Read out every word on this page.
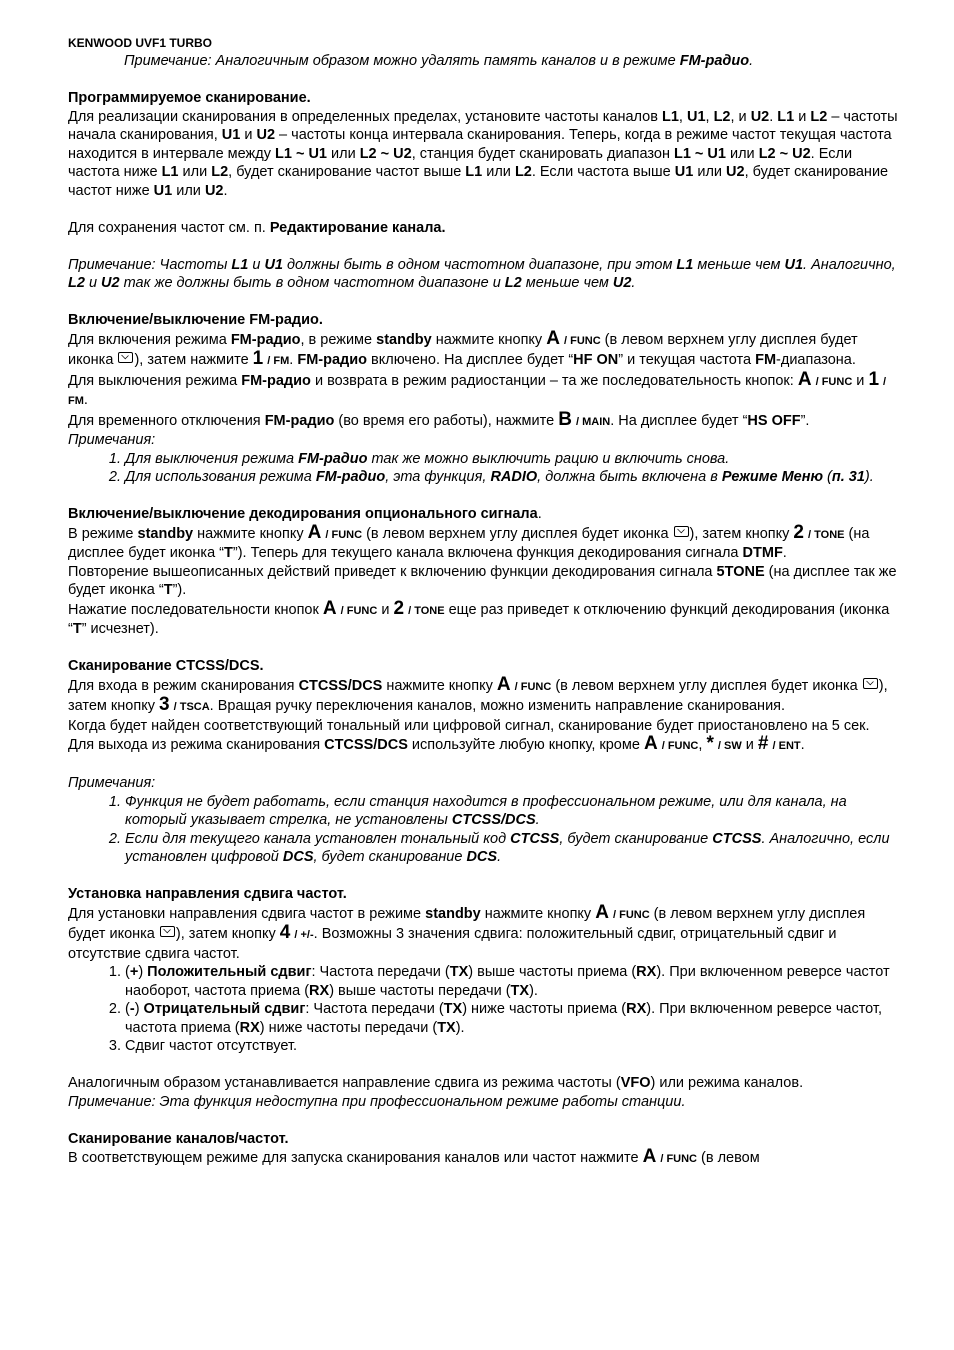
KENWOOD UVF1 TURBO

Примечание: Аналогичным образом можно удалять память каналов и в режиме FM-радио.

Программируемое сканирование.

Для реализации сканирования в определенных пределах, установите частоты каналов L1, U1, L2, и U2. L1 и L2 – частоты начала сканирования, U1 и U2 – частоты конца интервала сканирования. Теперь, когда в режиме частот текущая частота находится в интервале между L1 ~ U1 или L2 ~ U2, станция будет сканировать диапазон L1 ~ U1 или L2 ~ U2. Если частота ниже L1 или L2, будет сканирование частот выше L1 или L2. Если частота выше U1 или U2, будет сканирование частот ниже U1 или U2.

Для сохранения частот см. п. Редактирование канала.

Примечание: Частоты L1 и U1 должны быть в одном частотном диапазоне, при этом L1 меньше чем U1. Аналогично, L2 и U2 так же должны быть в одном частотном диапазоне и L2 меньше чем U2.

Включение/выключение FM-радио.

Для включения режима FM-радио, в режиме standby нажмите кнопку A / FUNC (в левом верхнем углу дисплея будет иконка ), затем нажмите 1 / FM. FM-радио включено. На дисплее будет “HF ON” и текущая частота FM-диапазона.

Для выключения режима FM-радио и возврата в режим радиостанции – та же последовательность кнопок: A / FUNC и 1 / FM.

Для временного отключения FM-радио (во время его работы), нажмите B / MAIN. На дисплее будет “HS OFF”.

Примечания:

1. Для выключения режима FM-радио так же можно выключить рацию и включить снова.
2. Для использования режима FM-радио, эта функция, RADIO, должна быть включена в Режиме Меню (п. 31).

Включение/выключение декодирования опционального сигнала.

В режиме standby нажмите кнопку A / FUNC (в левом верхнем углу дисплея будет иконка ), затем кнопку 2 / TONE (на дисплее будет иконка “T”). Теперь для текущего канала включена функция декодирования сигнала DTMF.

Повторение вышеописанных действий приведет к включению функции декодирования сигнала 5TONE (на дисплее так же будет иконка “T”).

Нажатие последовательности кнопок A / FUNC и 2 / TONE еще раз приведет к отключению функций декодирования (иконка “T” исчезнет).

Сканирование CTCSS/DCS.

Для входа в режим сканирования CTCSS/DCS нажмите кнопку A / FUNC (в левом верхнем углу дисплея будет иконка ), затем кнопку 3 / TSCA. Вращая ручку переключения каналов, можно изменить направление сканирования.

Когда будет найден соответствующий тональный или цифровой сигнал, сканирование будет приостановлено на 5 сек. Для выхода из режима сканирования CTCSS/DCS используйте любую кнопку, кроме A / FUNC, * / SW и # / ENT.

Примечания:

1. Функция не будет работать, если станция находится в профессиональном режиме, или для канала, на который указывает стрелка, не установлены CTCSS/DCS.
2. Если для текущего канала установлен тональный код CTCSS, будет сканирование CTCSS. Аналогично, если установлен цифровой DCS, будет сканирование DCS.

Установка направления сдвига частот.

Для установки направления сдвига частот в режиме standby нажмите кнопку A / FUNC (в левом верхнем углу дисплея будет иконка ), затем кнопку 4 / +/-. Возможны 3 значения сдвига: положительный сдвиг, отрицательный сдвиг и отсутствие сдвига частот.

1. (+) Положительный сдвиг: Частота передачи (TX) выше частоты приема (RX). При включенном реверсе частот наоборот, частота приема (RX) выше частоты передачи (TX).
2. (-) Отрицательный сдвиг: Частота передачи (TX) ниже частоты приема (RX). При включенном реверсе частот, частота приема (RX) ниже частоты передачи (TX).
3. Сдвиг частот отсутствует.

Аналогичным образом устанавливается направление сдвига из режима частоты (VFO) или режима каналов.

Примечание: Эта функция недоступна при профессиональном режиме работы станции.

Сканирование каналов/частот.

В соответствующем режиме для запуска сканирования каналов или частот нажмите A / FUNC (в левом
